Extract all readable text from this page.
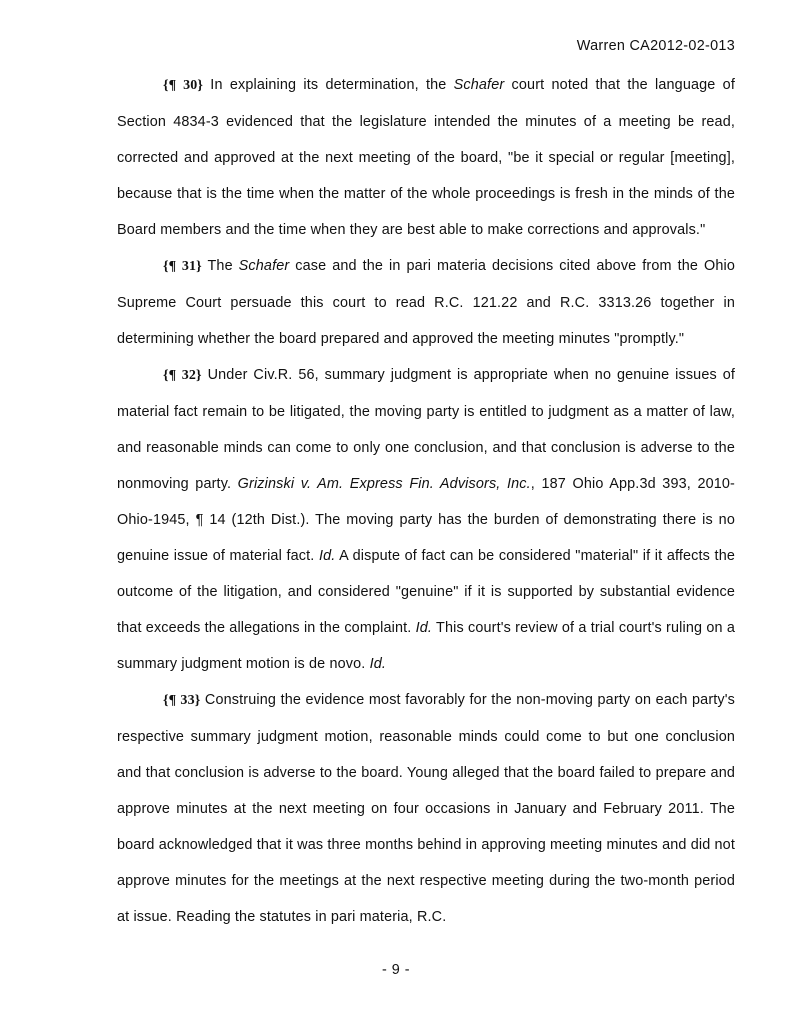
Warren CA2012-02-013

{¶ 30} In explaining its determination, the Schafer court noted that the language of Section 4834-3 evidenced that the legislature intended the minutes of a meeting be read, corrected and approved at the next meeting of the board, "be it special or regular [meeting], because that is the time when the matter of the whole proceedings is fresh in the minds of the Board members and the time when they are best able to make corrections and approvals."

{¶ 31} The Schafer case and the in pari materia decisions cited above from the Ohio Supreme Court persuade this court to read R.C. 121.22 and R.C. 3313.26 together in determining whether the board prepared and approved the meeting minutes "promptly."

{¶ 32} Under Civ.R. 56, summary judgment is appropriate when no genuine issues of material fact remain to be litigated, the moving party is entitled to judgment as a matter of law, and reasonable minds can come to only one conclusion, and that conclusion is adverse to the nonmoving party. Grizinski v. Am. Express Fin. Advisors, Inc., 187 Ohio App.3d 393, 2010-Ohio-1945, ¶ 14 (12th Dist.). The moving party has the burden of demonstrating there is no genuine issue of material fact. Id. A dispute of fact can be considered "material" if it affects the outcome of the litigation, and considered "genuine" if it is supported by substantial evidence that exceeds the allegations in the complaint. Id. This court's review of a trial court's ruling on a summary judgment motion is de novo. Id.

{¶ 33} Construing the evidence most favorably for the non-moving party on each party's respective summary judgment motion, reasonable minds could come to but one conclusion and that conclusion is adverse to the board. Young alleged that the board failed to prepare and approve minutes at the next meeting on four occasions in January and February 2011. The board acknowledged that it was three months behind in approving meeting minutes and did not approve minutes for the meetings at the next respective meeting during the two-month period at issue. Reading the statutes in pari materia, R.C.

- 9 -
